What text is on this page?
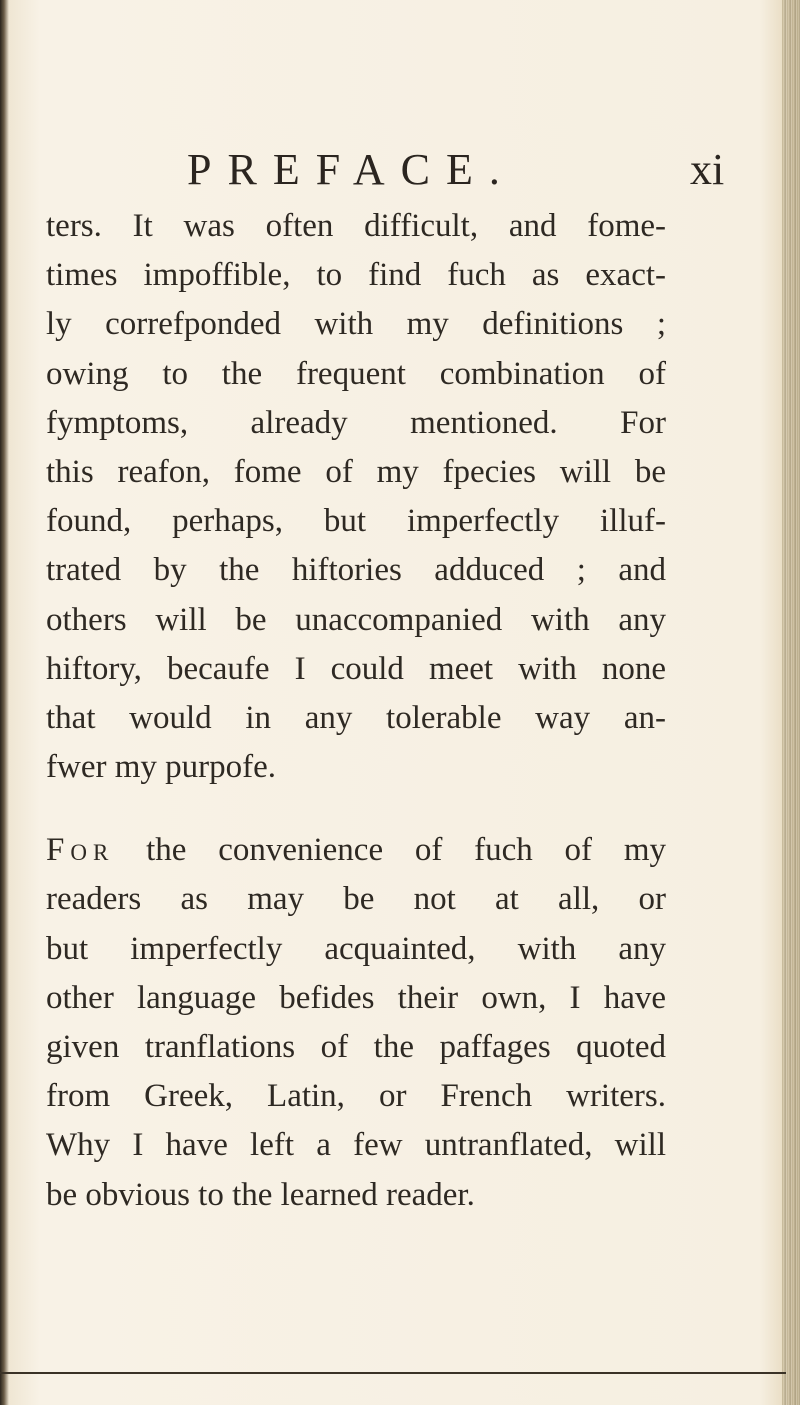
PREFACE.	xi
ters. It was often difficult, and fome-
times impoffible, to find fuch as exact-
ly correfponded with my definitions ;
owing to the frequent combination of
fymptoms, already mentioned. For
this reafon, fome of my fpecies will be
found, perhaps, but imperfectly illuf-
trated by the hiftories adduced ; and
others will be unaccompanied with any
hiftory, becaufe I could meet with none
that would in any tolerable way an-
fwer my purpofe.
For the convenience of fuch of my
readers as may be not at all, or
but imperfectly acquainted, with any
other language befides their own, I have
given tranflations of the paffages quoted
from Greek, Latin, or French writers.
Why I have left a few untranflated, will
be obvious to the learned reader.
